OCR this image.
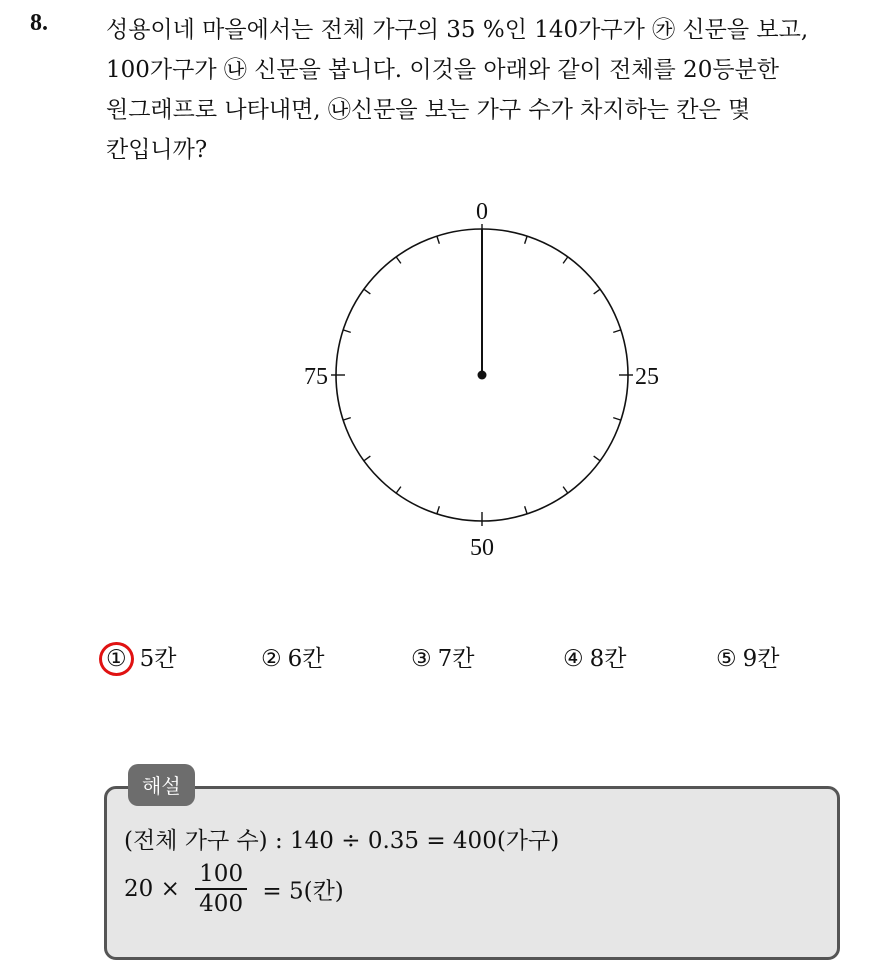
8.	성용이네 마을에서는 전체 가구의 35 %인 140가구가 ㉮ 신문을 보고,
100가구가 ㉯ 신문을 봅니다. 이것을 아래와 같이 전체를 20등분한
원그래프로 나타내면, ㉯신문을 보는 가구 수가 차지하는 칸은 몇
칸입니까?
0
25
50
75
① 5칸	② 6칸	③ 7칸	④ 8칸	⑤ 9칸
해설
(전체 가구 수) : 140 ÷ 0.35 = 400(가구)
$20 \times \frac{100}{400} = 5$(칸)
